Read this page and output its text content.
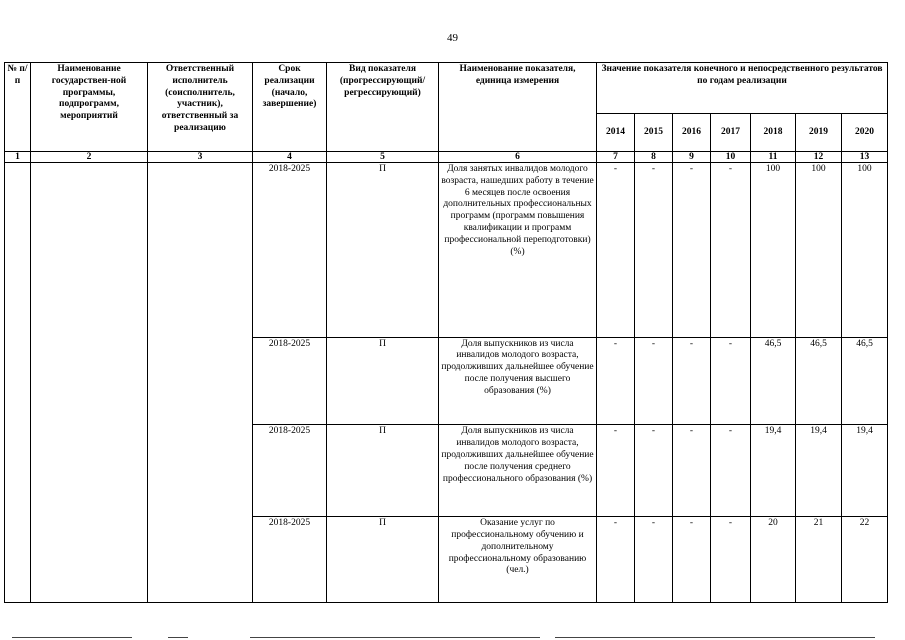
49
№ п/п	Наименование государствен-ной программы, подпрограмм, мероприятий	Ответственный исполнитель (соисполнитель, участник), ответственный за реализацию	Срок реализации (начало, завершение)	Вид показателя (прогрессирующий/ регрессирующий)	Наименование показателя, единица измерения	Значение показателя конечного и непосредственного результатов по годам реализации						
						2014	2015	2016	2017	2018	2019	2020
1	2	3	4	5	6	7	8	9	10	11	12	13
			2018-2025	П	Доля занятых инвалидов молодого возраста, нашедших работу в течение 6 месяцев после освоения дополнительных профессиональных программ (программ повышения квалификации и программ профессиональной переподготовки) (%)	-	-	-	-	100	100	100
			2018-2025	П	Доля выпускников из числа инвалидов молодого возраста, продолживших дальнейшее обучение после получения высшего образования (%)	-	-	-	-	46,5	46,5	46,5
			2018-2025	П	Доля выпускников из числа инвалидов молодого возраста, продолживших дальнейшее обучение после получения среднего профессионального образования (%)	-	-	-	-	19,4	19,4	19,4
			2018-2025	П	Оказание услуг по профессиональному обучению и дополнительному профессиональному образованию (чел.)	-	-	-	-	20	21	22
